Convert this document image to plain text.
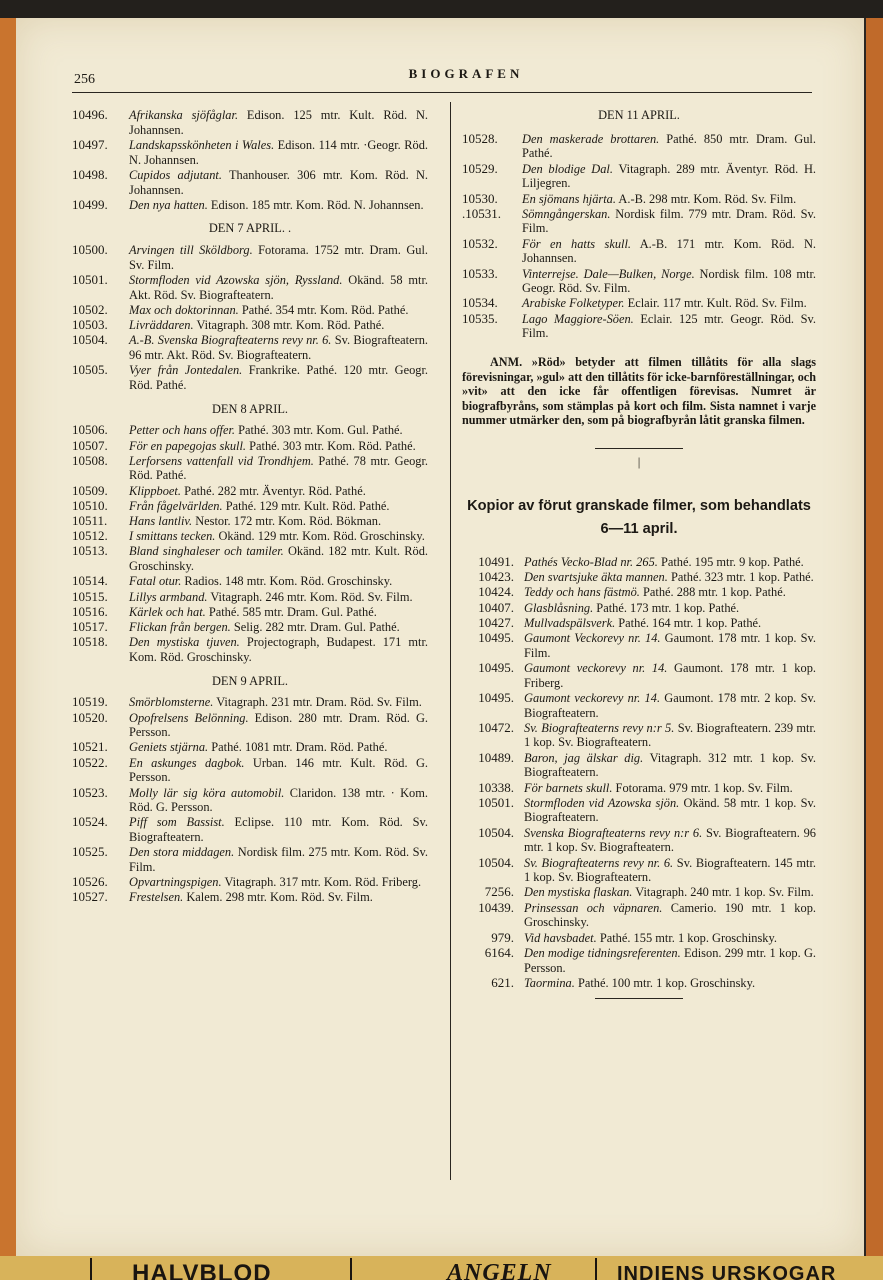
256	BIOGRAFEN
10496.	Afrikanska sjöfåglar. Edison. 125 mtr. Kult. Röd. N. Johannsen.
10497.	Landskapsskönheten i Wales. Edison. 114 mtr. ·Geogr. Röd. N. Johannsen.
10498.	Cupidos adjutant. Thanhouser. 306 mtr. Kom. Röd. N. Johannsen.
10499.	Den nya hatten. Edison. 185 mtr. Kom. Röd. N. Johannsen.
DEN 7 APRIL. .
10500.	Arvingen till Sköldborg. Fotorama. 1752 mtr. Dram. Gul. Sv. Film.
10501.	Stormfloden vid Azowska sjön, Ryssland. Okänd. 58 mtr. Akt. Röd. Sv. Biografteatern.
10502.	Max och doktorinnan. Pathé. 354 mtr. Kom. Röd. Pathé.
10503.	Livräddaren. Vitagraph. 308 mtr. Kom. Röd. Pathé.
10504.	A.-B. Svenska Biografteaterns revy nr. 6. Sv. Biografteatern. 96 mtr. Akt. Röd. Sv. Biografteatern.
10505.	Vyer från Jontedalen. Frankrike. Pathé. 120 mtr. Geogr. Röd. Pathé.
DEN 8 APRIL.
10506.	Petter och hans offer. Pathé. 303 mtr. Kom. Gul. Pathé.
10507.	För en papegojas skull. Pathé. 303 mtr. Kom. Röd. Pathé.
10508.	Lerforsens vattenfall vid Trondhjem. Pathé. 78 mtr. Geogr. Röd. Pathé.
10509.	Klippboet. Pathé. 282 mtr. Äventyr. Röd. Pathé.
10510.	Från fågelvärlden. Pathé. 129 mtr. Kult. Röd. Pathé.
10511.	Hans lantliv. Nestor. 172 mtr. Kom. Röd. Bökman.
10512.	I smittans tecken. Okänd. 129 mtr. Kom. Röd. Groschinsky.
10513.	Bland singhaleser och tamiler. Okänd. 182 mtr. Kult. Röd. Groschinsky.
10514.	Fatal otur. Radios. 148 mtr. Kom. Röd. Groschinsky.
10515.	Lillys armband. Vitagraph. 246 mtr. Kom. Röd. Sv. Film.
10516.	Kärlek och hat. Pathé. 585 mtr. Dram. Gul. Pathé.
10517.	Flickan från bergen. Selig. 282 mtr. Dram. Gul. Pathé.
10518.	Den mystiska tjuven. Projectograph, Budapest. 171 mtr. Kom. Röd. Groschinsky.
DEN 9 APRIL.
10519.	Smörblomsterne. Vitagraph. 231 mtr. Dram. Röd. Sv. Film.
10520.	Opofrelsens Belönning. Edison. 280 mtr. Dram. Röd. G. Persson.
10521.	Geniets stjärna. Pathé. 1081 mtr. Dram. Röd. Pathé.
10522.	En askunges dagbok. Urban. 146 mtr. Kult. Röd. G. Persson.
10523.	Molly lär sig köra automobil. Claridon. 138 mtr. · Kom. Röd. G. Persson.
10524.	Piff som Bassist. Eclipse. 110 mtr. Kom. Röd. Sv. Biografteatern.
10525.	Den stora middagen. Nordisk film. 275 mtr. Kom. Röd. Sv. Film.
10526.	Opvartningspigen. Vitagraph. 317 mtr. Kom. Röd. Friberg.
10527.	Frestelsen. Kalem. 298 mtr. Kom. Röd. Sv. Film.
DEN 11 APRIL.
10528.	Den maskerade brottaren. Pathé. 850 mtr. Dram. Gul. Pathé.
10529.	Den blodige Dal. Vitagraph. 289 mtr. Äventyr. Röd. H. Liljegren.
10530.	En sjömans hjärta. A.-B. 298 mtr. Kom. Röd. Sv. Film.
.10531.	Sömngångerskan. Nordisk film. 779 mtr. Dram. Röd. Sv. Film.
10532.	För en hatts skull. A.-B. 171 mtr. Kom. Röd. N. Johannsen.
10533.	Vinterrejse. Dale—Bulken, Norge. Nordisk film. 108 mtr. Geogr. Röd. Sv. Film.
10534.	Arabiske Folketyper. Eclair. 117 mtr. Kult. Röd. Sv. Film.
10535.	Lago Maggiore-Söen. Eclair. 125 mtr. Geogr. Röd. Sv. Film.
ANM. »Röd» betyder att filmen tillåtits för alla slags förevisningar, »gul» att den tillåtits för icke-barnföreställningar, och »vit» att den icke får offentligen förevisas. Numret är biografbyråns, som stämplas på kort och film. Sista namnet i varje nummer utmärker den, som på biografbyrån låtit granska filmen.
|
Kopior av förut granskade filmer, som behandlats 6—11 april.
10491. Pathés Vecko-Blad nr. 265. Pathé. 195 mtr. 9 kop. Pathé.
10423. Den svartsjuke äkta mannen. Pathé. 323 mtr. 1 kop. Pathé.
10424. Teddy och hans fästmö. Pathé. 288 mtr. 1 kop. Pathé.
10407. Glasblåsning. Pathé. 173 mtr. 1 kop. Pathé.
10427. Mullvadspälsverk. Pathé. 164 mtr. 1 kop. Pathé.
10495. Gaumont Veckorevy nr. 14. Gaumont. 178 mtr. 1 kop. Sv. Film.
10495. Gaumont veckorevy nr. 14. Gaumont. 178 mtr. 1 kop. Friberg.
10495. Gaumont veckorevy nr. 14. Gaumont. 178 mtr. 2 kop. Sv. Biografteatern.
10472. Sv. Biografteaterns revy n:r 5. Sv. Biografteatern. 239 mtr. 1 kop. Sv. Biografteatern.
10489. Baron, jag älskar dig. Vitagraph. 312 mtr. 1 kop. Sv. Biografteatern.
10338. För barnets skull. Fotorama. 979 mtr. 1 kop. Sv. Film.
10501. Stormfloden vid Azowska sjön. Okänd. 58 mtr. 1 kop. Sv. Biografteatern.
10504. Svenska Biografteaterns revy n:r 6. Sv. Biografteatern. 96 mtr. 1 kop. Sv. Biografteatern.
10504. Sv. Biografteaterns revy nr. 6. Sv. Biografteatern. 145 mtr. 1 kop. Sv. Biografteatern.
7256. Den mystiska flaskan. Vitagraph. 240 mtr. 1 kop. Sv. Film.
10439. Prinsessan och väpnaren. Camerio. 190 mtr. 1 kop. Groschinsky.
979. Vid havsbadet. Pathé. 155 mtr. 1 kop. Groschinsky.
6164. Den modige tidningsreferenten. Edison. 299 mtr. 1 kop. G. Persson.
621. Taormina. Pathé. 100 mtr. 1 kop. Groschinsky.
HALVBLOD	ANGELN	INDIENS URSKOGAR
